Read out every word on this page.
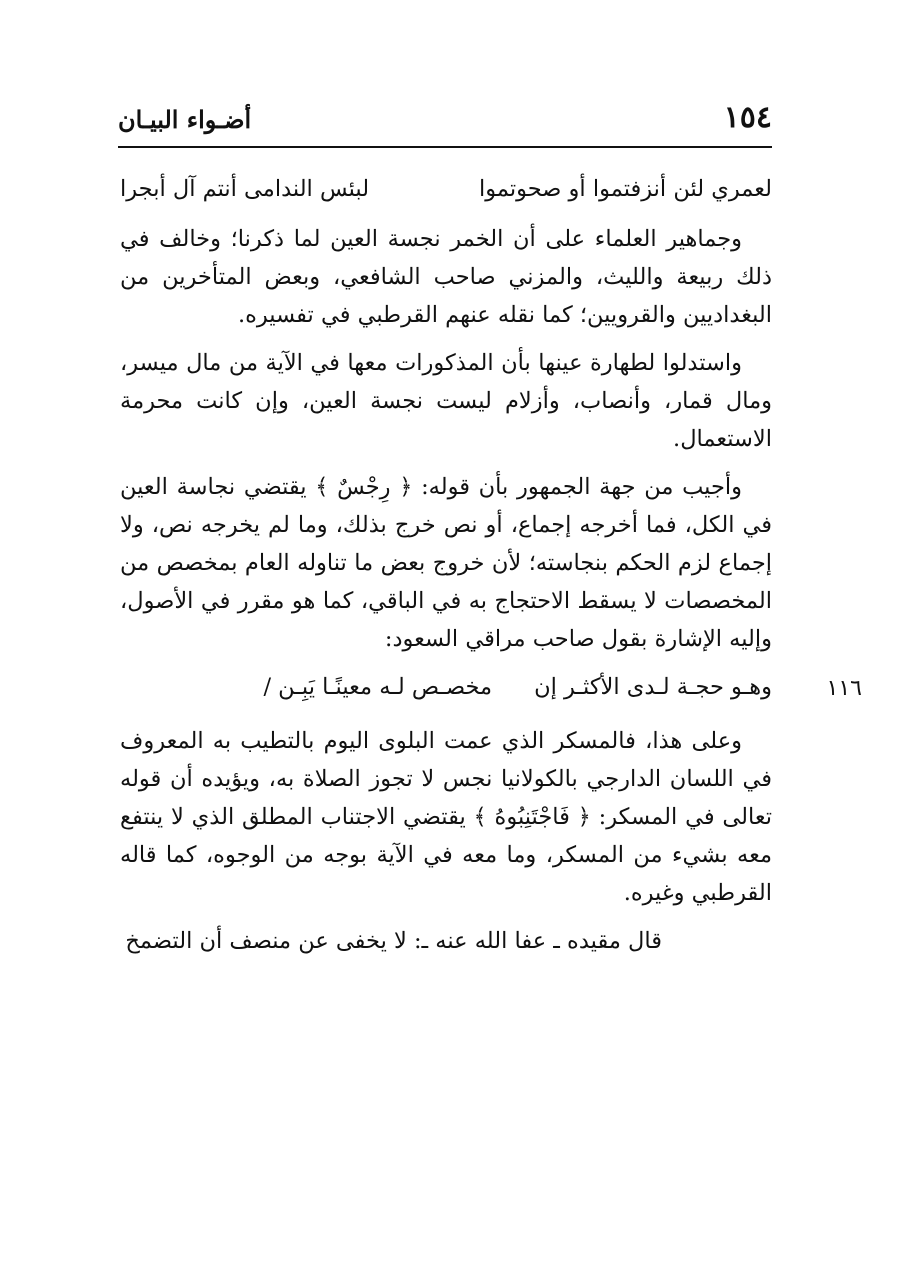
١٥٤
أضـواء البيـان
لعمري لئن أنزفتموا أو صحوتموا
لبئس الندامى أنتم آل أبجرا

وجماهير العلماء على أن الخمر نجسة العين لما ذكرنا؛ وخالف في ذلك ربيعة والليث، والمزني صاحب الشافعي، وبعض المتأخرين من البغداديين والقرويين؛ كما نقله عنهم القرطبي في تفسيره.

واستدلوا لطهارة عينها بأن المذكورات معها في الآية من مال ميسر، ومال قمار، وأنصاب، وأزلام ليست نجسة العين، وإن كانت محرمة الاستعمال.

وأجيب من جهة الجمهور بأن قوله: ﴿ رِجْسٌ ﴾ يقتضي نجاسة العين في الكل، فما أخرجه إجماع، أو نص خرج بذلك، وما لم يخرجه نص، ولا إجماع لزم الحكم بنجاسته؛ لأن خروج بعض ما تناوله العام بمخصص من المخصصات لا يسقط الاحتجاج به في الباقي، كما هو مقرر في الأصول، وإليه الإشارة بقول صاحب مراقي السعود:

١١٦
وهـو حجـة لـدى الأكثـر إن
مخصـص لـه معينًـا يَبِـن /

وعلى هذا، فالمسكر الذي عمت البلوى اليوم بالتطيب به المعروف في اللسان الدارجي بالكولانيا نجس لا تجوز الصلاة به، ويؤيده أن قوله تعالى في المسكر: ﴿ فَاجْتَنِبُوهُ ﴾ يقتضي الاجتناب المطلق الذي لا ينتفع معه بشيء من المسكر، وما معه في الآية بوجه من الوجوه، كما قاله القرطبي وغيره.

قال مقيده ـ عفا الله عنه ـ: لا يخفى عن منصف أن التضمخ
